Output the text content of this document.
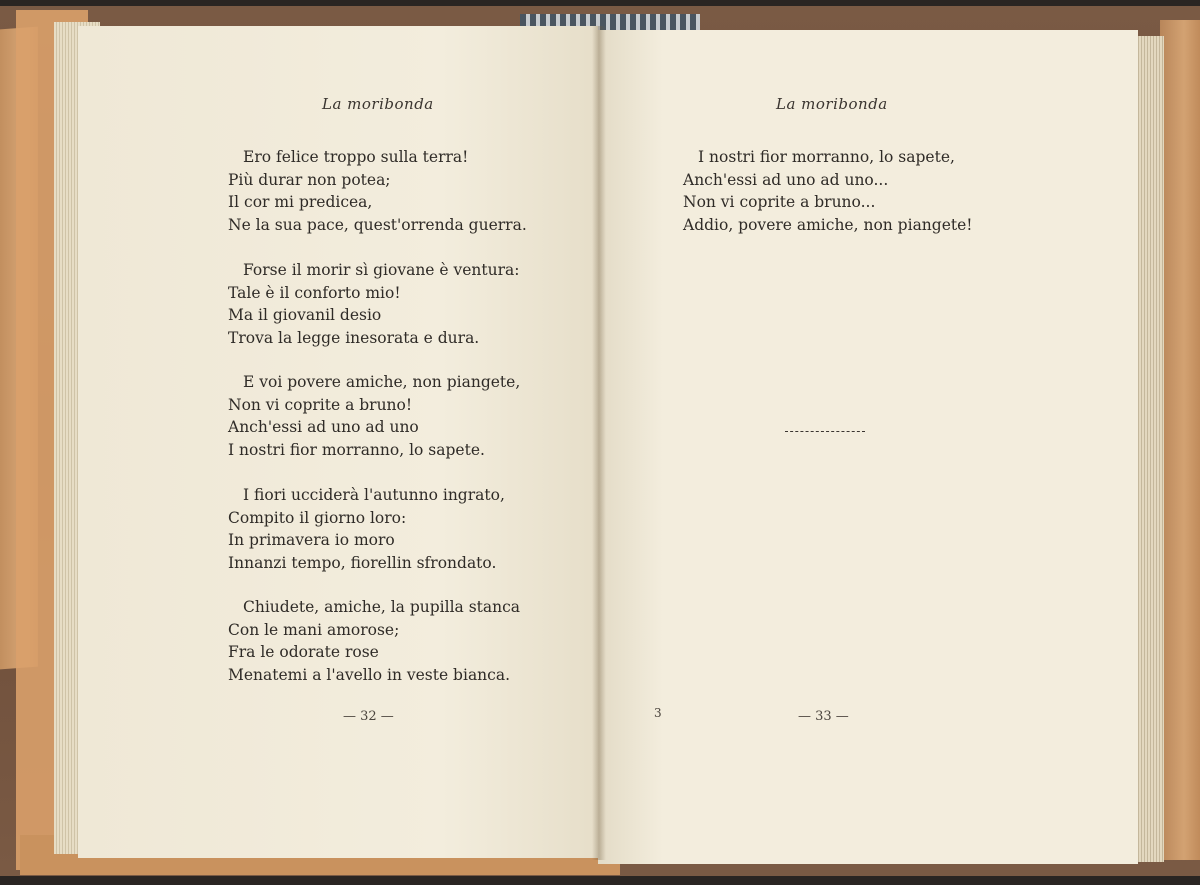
La moribonda
Ero felice troppo sulla terra!
Più durar non potea;
Il cor mi predicea,
Ne la sua pace, quest'orrenda guerra.
Forse il morir sì giovane è ventura:
Tale è il conforto mio!
Ma il giovanil desio
Trova la legge inesorata e dura.
E voi povere amiche, non piangete,
Non vi coprite a bruno!
Anch'essi ad uno ad uno
I nostri fior morranno, lo sapete.
I fiori ucciderà l'autunno ingrato,
Compito il giorno loro:
In primavera io moro
Innanzi tempo, fiorellin sfrondato.
Chiudete, amiche, la pupilla stanca
Con le mani amorose;
Fra le odorate rose
Menatemi a l'avello in veste bianca.
— 32 —
La moribonda
I nostri fior morranno, lo sapete,
Anch'essi ad uno ad uno...
Non vi coprite a bruno...
Addio, povere amiche, non piangete!
3	— 33 —
